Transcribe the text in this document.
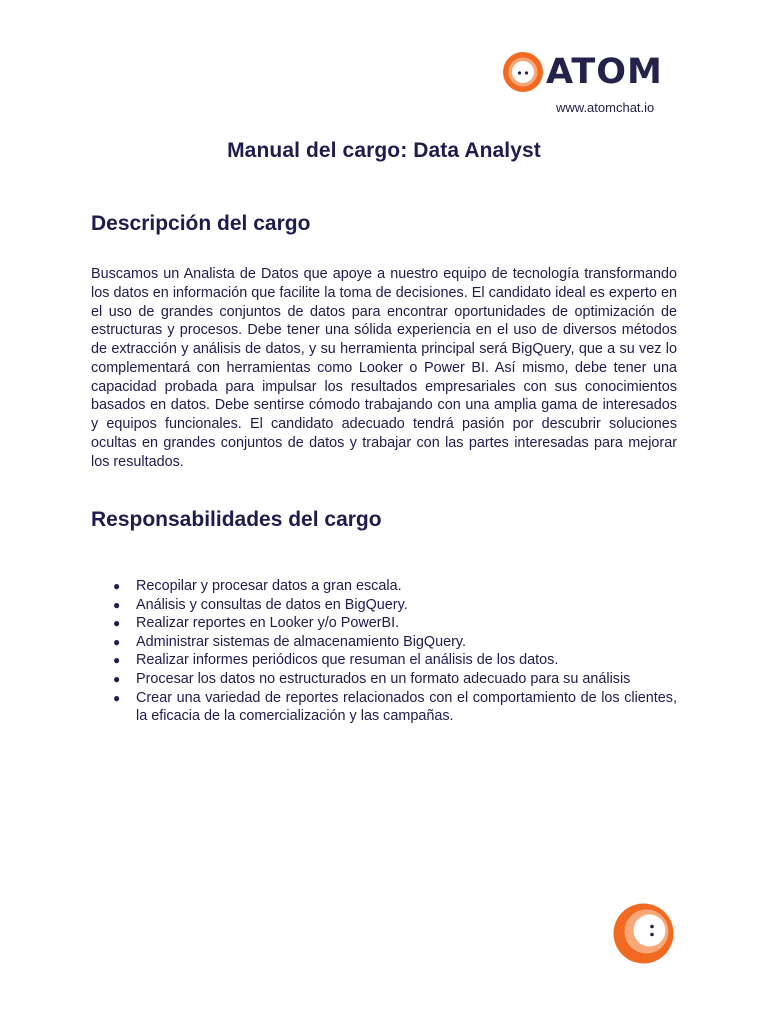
ATOM
www.atomchat.io
Manual del cargo: Data Analyst
Descripción del cargo

Buscamos un Analista de Datos que apoye a nuestro equipo de tecnología transformando los datos en información que facilite la toma de decisiones. El candidato ideal es experto en el uso de grandes conjuntos de datos para encontrar oportunidades de optimización de estructuras y procesos. Debe tener una sólida experiencia en el uso de diversos métodos de extracción y análisis de datos, y su herramienta principal será BigQuery, que a su vez lo complementará con herramientas como Looker o Power BI. Así mismo, debe tener una capacidad probada para impulsar los resultados empresariales con sus conocimientos basados en datos. Debe sentirse cómodo trabajando con una amplia gama de interesados y equipos funcionales. El candidato adecuado tendrá pasión por descubrir soluciones ocultas en grandes conjuntos de datos y trabajar con las partes interesadas para mejorar los resultados.

Responsabilidades del cargo
● Recopilar y procesar datos a gran escala.
● Análisis y consultas de datos en BigQuery.
● Realizar reportes en Looker y/o PowerBI.
● Administrar sistemas de almacenamiento BigQuery.
● Realizar informes periódicos que resuman el análisis de los datos.
● Procesar los datos no estructurados en un formato adecuado para su análisis
● Crear una variedad de reportes relacionados con el comportamiento de los clientes, la eficacia de la comercialización y las campañas.
